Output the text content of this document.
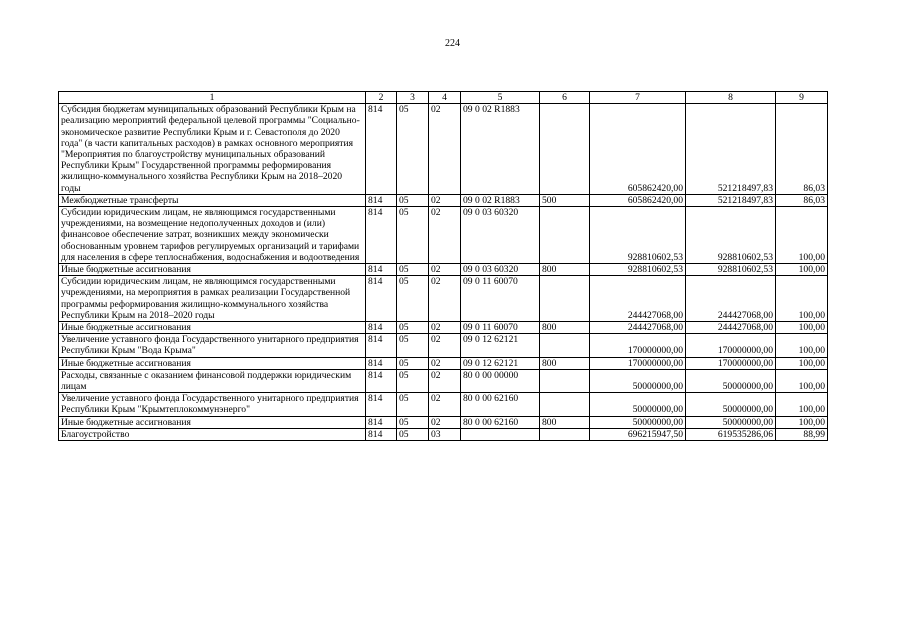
224
1	2	3	4	5	6	7	8	9
Субсидия бюджетам муниципальных образований Республики Крым на реализацию мероприятий федеральной целевой программы "Социально-экономическое развитие Республики Крым и г. Севастополя до 2020 года" (в части капитальных расходов) в рамках основного мероприятия "Мероприятия по благоустройству муниципальных образований Республики Крым" Государственной программы реформирования жилищно-коммунального хозяйства Республики Крым на 2018–2020 годы	814	05	02	09 0 02 R1883		605862420,00	521218497,83	86,03
Межбюджетные трансферты	814	05	02	09 0 02 R1883	500	605862420,00	521218497,83	86,03
Субсидии юридическим лицам, не являющимся государственными учреждениями, на возмещение недополученных доходов и (или) финансовое обеспечение затрат, возникших между экономически обоснованным уровнем тарифов регулируемых организаций и тарифами для населения в сфере теплоснабжения, водоснабжения и водоотведения	814	05	02	09 0 03 60320		928810602,53	928810602,53	100,00
Иные бюджетные ассигнования	814	05	02	09 0 03 60320	800	928810602,53	928810602,53	100,00
Субсидии юридическим лицам, не являющимся государственными учреждениями, на мероприятия в рамках реализации Государственной программы реформирования жилищно-коммунального хозяйства Республики Крым на 2018–2020 годы	814	05	02	09 0 11 60070		244427068,00	244427068,00	100,00
Иные бюджетные ассигнования	814	05	02	09 0 11 60070	800	244427068,00	244427068,00	100,00
Увеличение уставного фонда Государственного унитарного предприятия Республики Крым "Вода Крыма"	814	05	02	09 0 12 62121		170000000,00	170000000,00	100,00
Иные бюджетные ассигнования	814	05	02	09 0 12 62121	800	170000000,00	170000000,00	100,00
Расходы, связанные с оказанием финансовой поддержки юридическим лицам	814	05	02	80 0 00 00000		50000000,00	50000000,00	100,00
Увеличение уставного фонда Государственного унитарного предприятия Республики Крым "Крымтеплокоммунэнерго"	814	05	02	80 0 00 62160		50000000,00	50000000,00	100,00
Иные бюджетные ассигнования	814	05	02	80 0 00 62160	800	50000000,00	50000000,00	100,00
Благоустройство	814	05	03			696215947,50	619535286,06	88,99
